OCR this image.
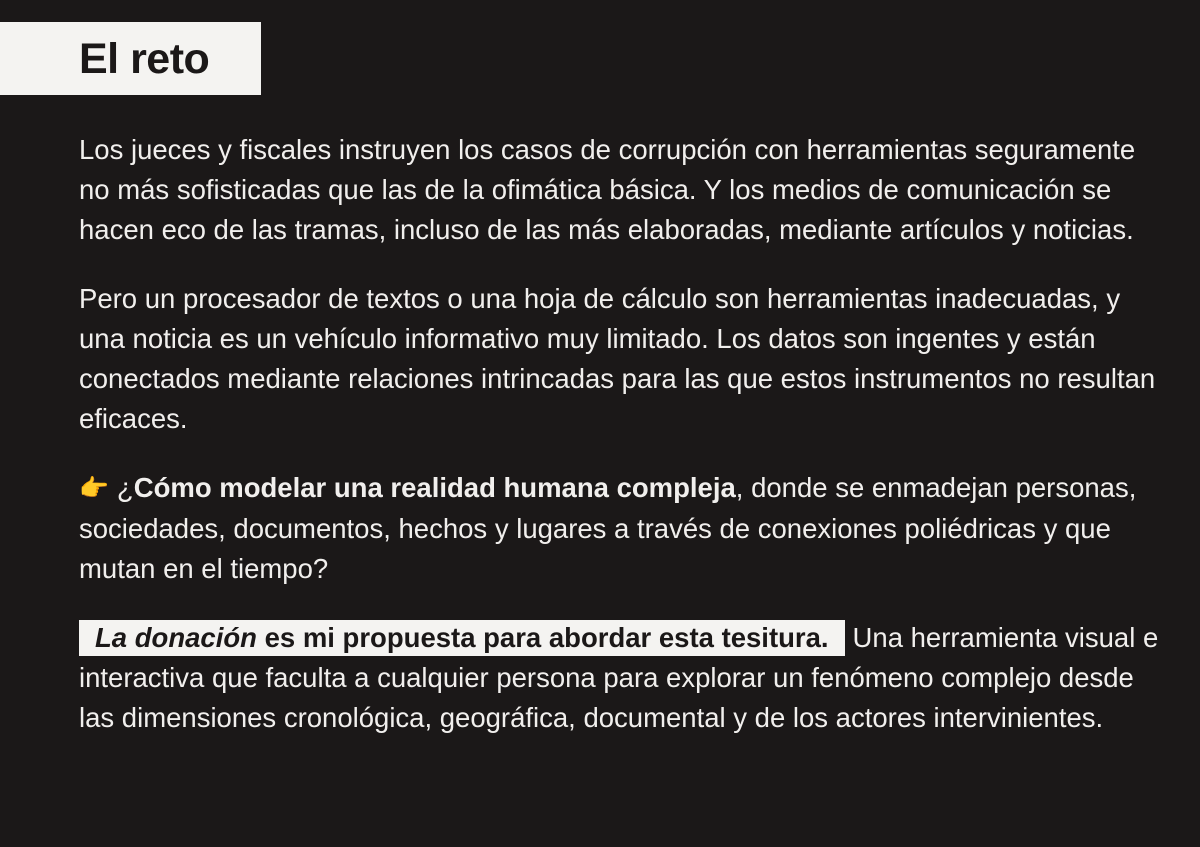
El reto

Los jueces y fiscales instruyen los casos de corrupción con herramientas seguramente no más sofisticadas que las de la ofimática básica. Y los medios de comunicación se hacen eco de las tramas, incluso de las más elaboradas, mediante artículos y noticias.

Pero un procesador de textos o una hoja de cálculo son herramientas inadecuadas, y una noticia es un vehículo informativo muy limitado. Los datos son ingentes y están conectados mediante relaciones intrincadas para las que estos instrumentos no resultan eficaces.

👉 ¿Cómo modelar una realidad humana compleja, donde se enmadejan personas, sociedades, documentos, hechos y lugares a través de conexiones poliédricas y que mutan en el tiempo?

La donación es mi propuesta para abordar esta tesitura. Una herramienta visual e interactiva que faculta a cualquier persona para explorar un fenómeno complejo desde las dimensiones cronológica, geográfica, documental y de los actores intervinientes.
